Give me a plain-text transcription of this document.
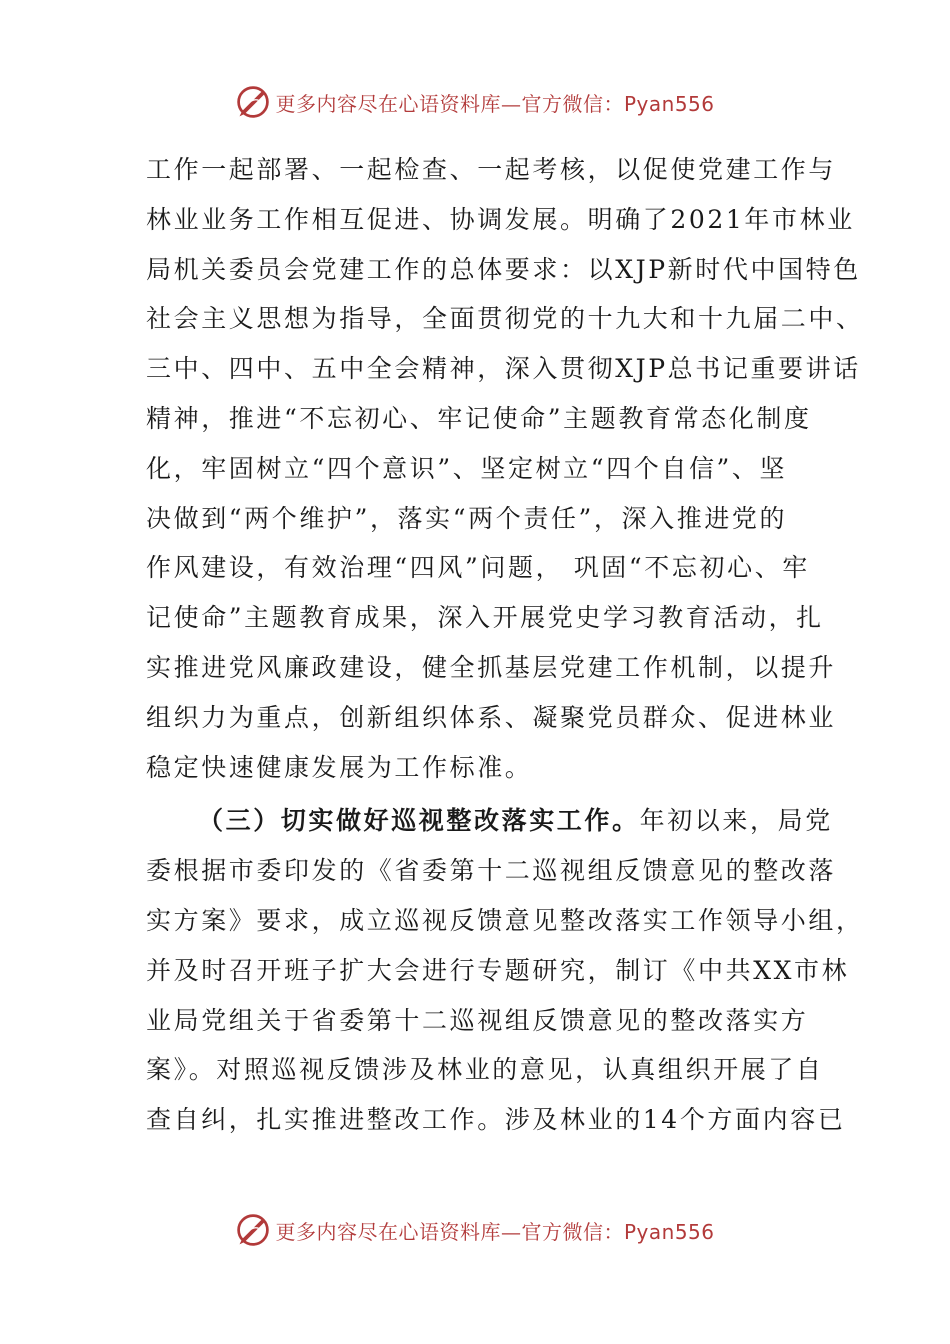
更多内容尽在心语资料库—官方微信：Pyan556
工作一起部署、一起检查、一起考核，以促使党建工作与
林业业务工作相互促进、协调发展。明确了2021年市林业
局机关委员会党建工作的总体要求：以XJP新时代中国特色
社会主义思想为指导，全面贯彻党的十九大和十九届二中、
三中、四中、五中全会精神，深入贯彻XJP总书记重要讲话
精神，推进“不忘初心、牢记使命”主题教育常态化制度
化，牢固树立“四个意识”、坚定树立“四个自信”、坚
决做到“两个维护”，落实“两个责任”，深入推进党的
作风建设，有效治理“四风”问题， 巩固“不忘初心、牢
记使命”主题教育成果，深入开展党史学习教育活动，扎
实推进党风廉政建设，健全抓基层党建工作机制，以提升
组织力为重点，创新组织体系、凝聚党员群众、促进林业
稳定快速健康发展为工作标准。
（三）切实做好巡视整改落实工作。年初以来，局党
委根据市委印发的《省委第十二巡视组反馈意见的整改落
实方案》要求，成立巡视反馈意见整改落实工作领导小组，
并及时召开班子扩大会进行专题研究，制订《中共XX市林
业局党组关于省委第十二巡视组反馈意见的整改落实方
案》。对照巡视反馈涉及林业的意见，认真组织开展了自
查自纠，扎实推进整改工作。涉及林业的14个方面内容已
更多内容尽在心语资料库—官方微信：Pyan556
